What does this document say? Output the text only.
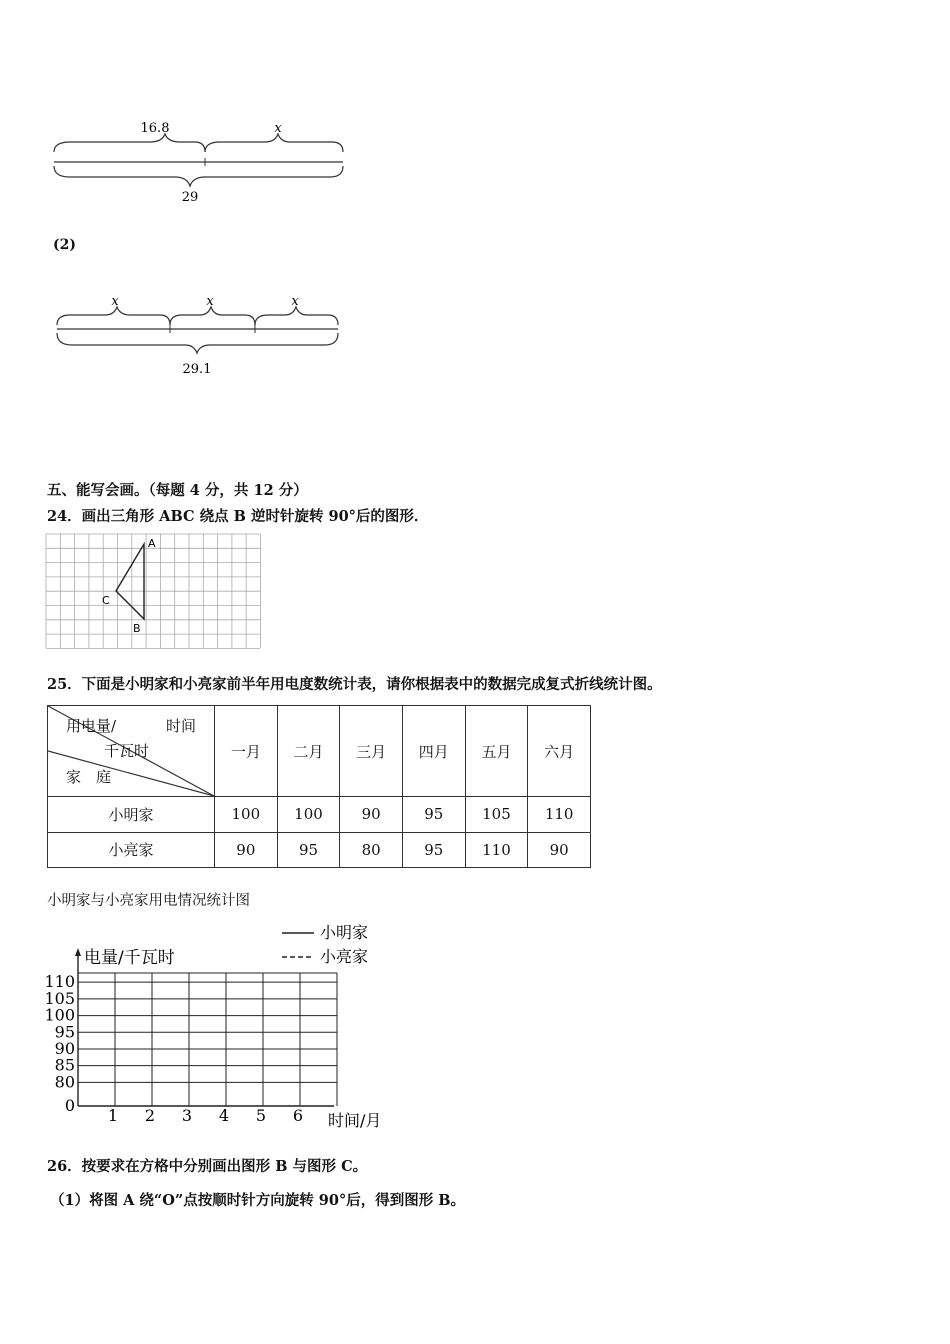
16.8	x
29
(2)
x	x	x
29.1
五、能写会画。（每题 4 分，共 12 分）
24．画出三角形 ABC 绕点 B 逆时针旋转 90°后的图形．
A
C
B
25．下面是小明家和小亮家前半年用电度数统计表，请你根据表中的数据完成复式折线统计图。
时间
用电量/
千瓦时
家　庭	一月	二月	三月	四月	五月	六月
小明家	100	100	90	95	105	110
小亮家	90	95	80	95	110	90
小明家与小亮家用电情况统计图
电量/千瓦时
时间/月
小明家
小亮家
80
85
90
95
100
105
110
0
1 2 3 4 5 6
26．按要求在方格中分别画出图形 B 与图形 C。
（1）将图 A 绕“O”点按顺时针方向旋转 90°后，得到图形 B。
